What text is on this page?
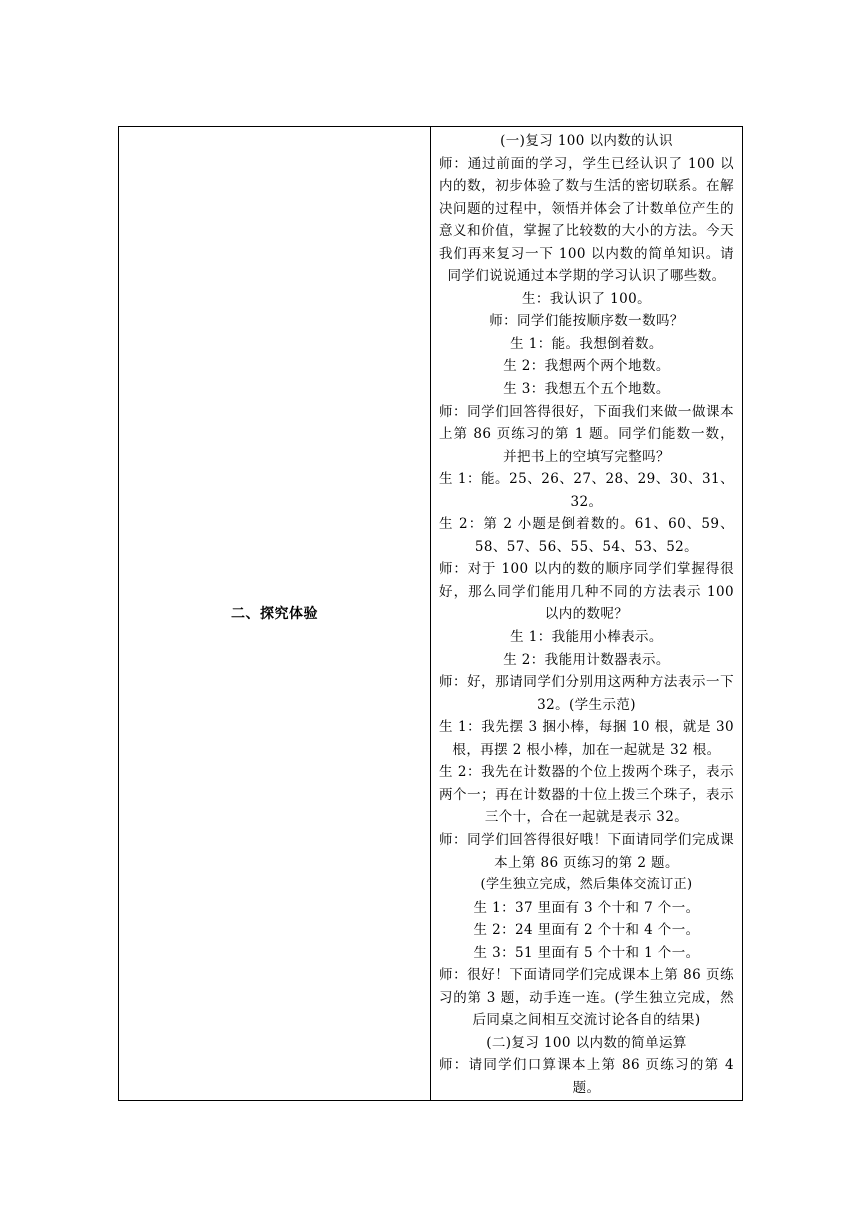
二、探究体验	

(一)复习 100 以内数的认识

师：通过前面的学习，学生已经认识了 100 以内的数，初步体验了数与生活的密切联系。在解决问题的过程中，领悟并体会了计数单位产生的意义和价值，掌握了比较数的大小的方法。今天我们再来复习一下 100 以内数的简单知识。请同学们说说通过本学期的学习认识了哪些数。

生：我认识了 100。

师：同学们能按顺序数一数吗？

生 1：能。我想倒着数。

生 2：我想两个两个地数。

生 3：我想五个五个地数。

师：同学们回答得很好，下面我们来做一做课本上第 86 页练习的第 1 题。同学们能数一数，并把书上的空填写完整吗？

生 1：能。25、26、27、28、29、30、31、32。

生 2：第 2 小题是倒着数的。61、60、59、58、57、56、55、54、53、52。

师：对于 100 以内的数的顺序同学们掌握得很好，那么同学们能用几种不同的方法表示 100 以内的数呢？

生 1：我能用小棒表示。

生 2：我能用计数器表示。

师：好，那请同学们分别用这两种方法表示一下 32。(学生示范)

生 1：我先摆 3 捆小棒，每捆 10 根，就是 30 根，再摆 2 根小棒，加在一起就是 32 根。

生 2：我先在计数器的个位上拨两个珠子，表示两个一；再在计数器的十位上拨三个珠子，表示三个十，合在一起就是表示 32。

师：同学们回答得很好哦！下面请同学们完成课本上第 86 页练习的第 2 题。

(学生独立完成，然后集体交流订正)

生 1：37 里面有 3 个十和 7 个一。

生 2：24 里面有 2 个十和 4 个一。

生 3：51 里面有 5 个十和 1 个一。

师：很好！下面请同学们完成课本上第 86 页练习的第 3 题，动手连一连。(学生独立完成，然后同桌之间相互交流讨论各自的结果)

(二)复习 100 以内数的简单运算

师：请同学们口算课本上第 86 页练习的第 4 题。
